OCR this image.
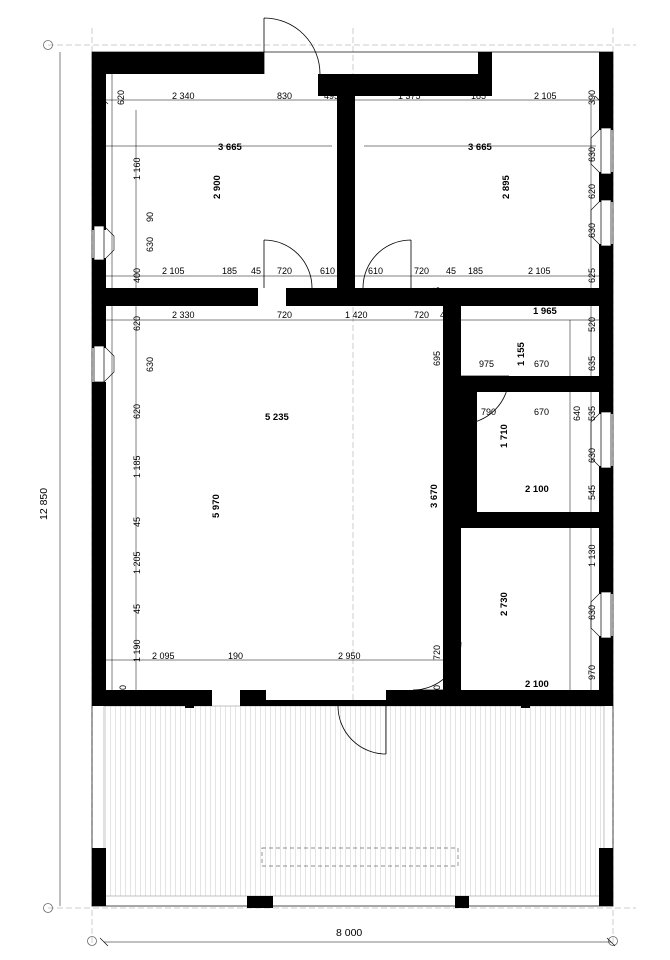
8 000
12 850
620	2 340	830	495	1 375	185	2 105	390
3 665	3 665
2 900	2 895
5 235
5 970
1 965
1 155
1 710
2 100
2 730
2 100
3 670
1 160
90
630
400
620
630
620
1 185
45
1 205
45
1 190
430
630
620
630
625
520
635
535
640
630
545
1 130
630
970
2 105	185 45 720	610	610	720 45 185	2 105
2 330	720	1 420	720 45
455
695	975	670
790	670
2 095	190	2 950	720
430
